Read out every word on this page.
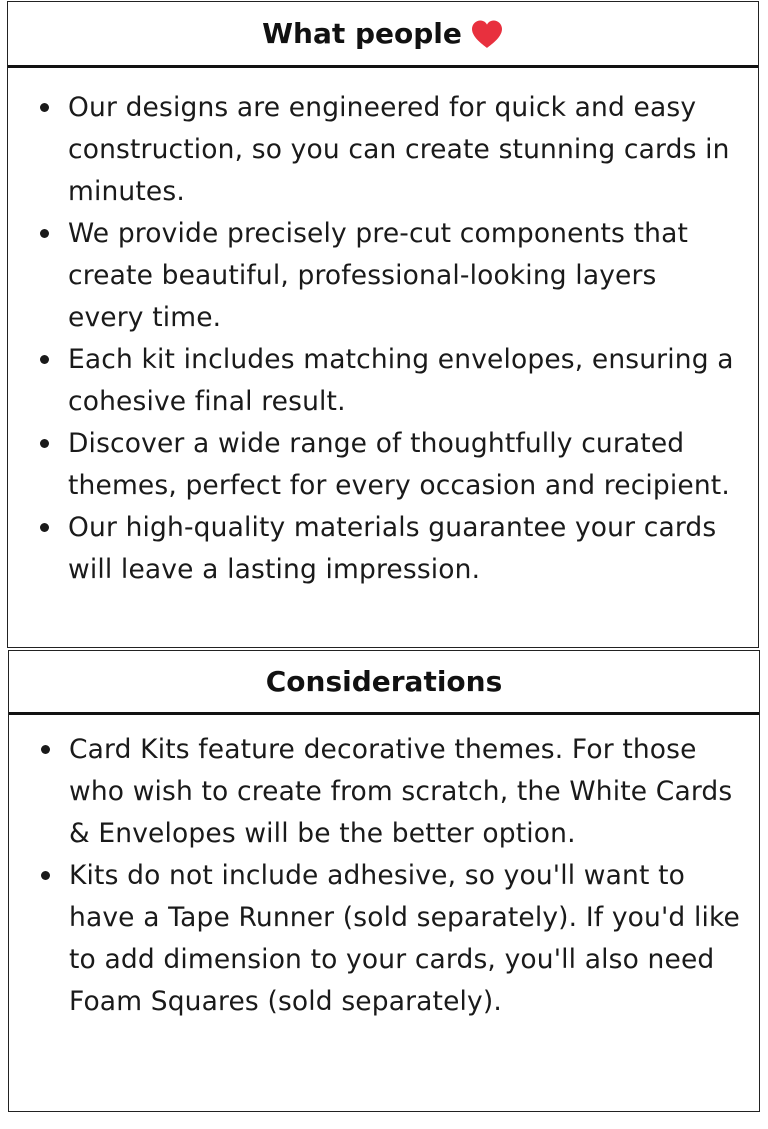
What people
Our designs are engineered for quick and easy construction, so you can create stunning cards in minutes.
We provide precisely pre-cut components that create beautiful, professional-looking layers every time.
Each kit includes matching envelopes, ensuring a cohesive final result.
Discover a wide range of thoughtfully curated themes, perfect for every occasion and recipient.
Our high-quality materials guarantee your cards will leave a lasting impression.
Considerations
Card Kits feature decorative themes. For those who wish to create from scratch, the White Cards & Envelopes will be the better option.
Kits do not include adhesive, so you'll want to have a Tape Runner (sold separately). If you'd like to add dimension to your cards, you'll also need Foam Squares (sold separately).
